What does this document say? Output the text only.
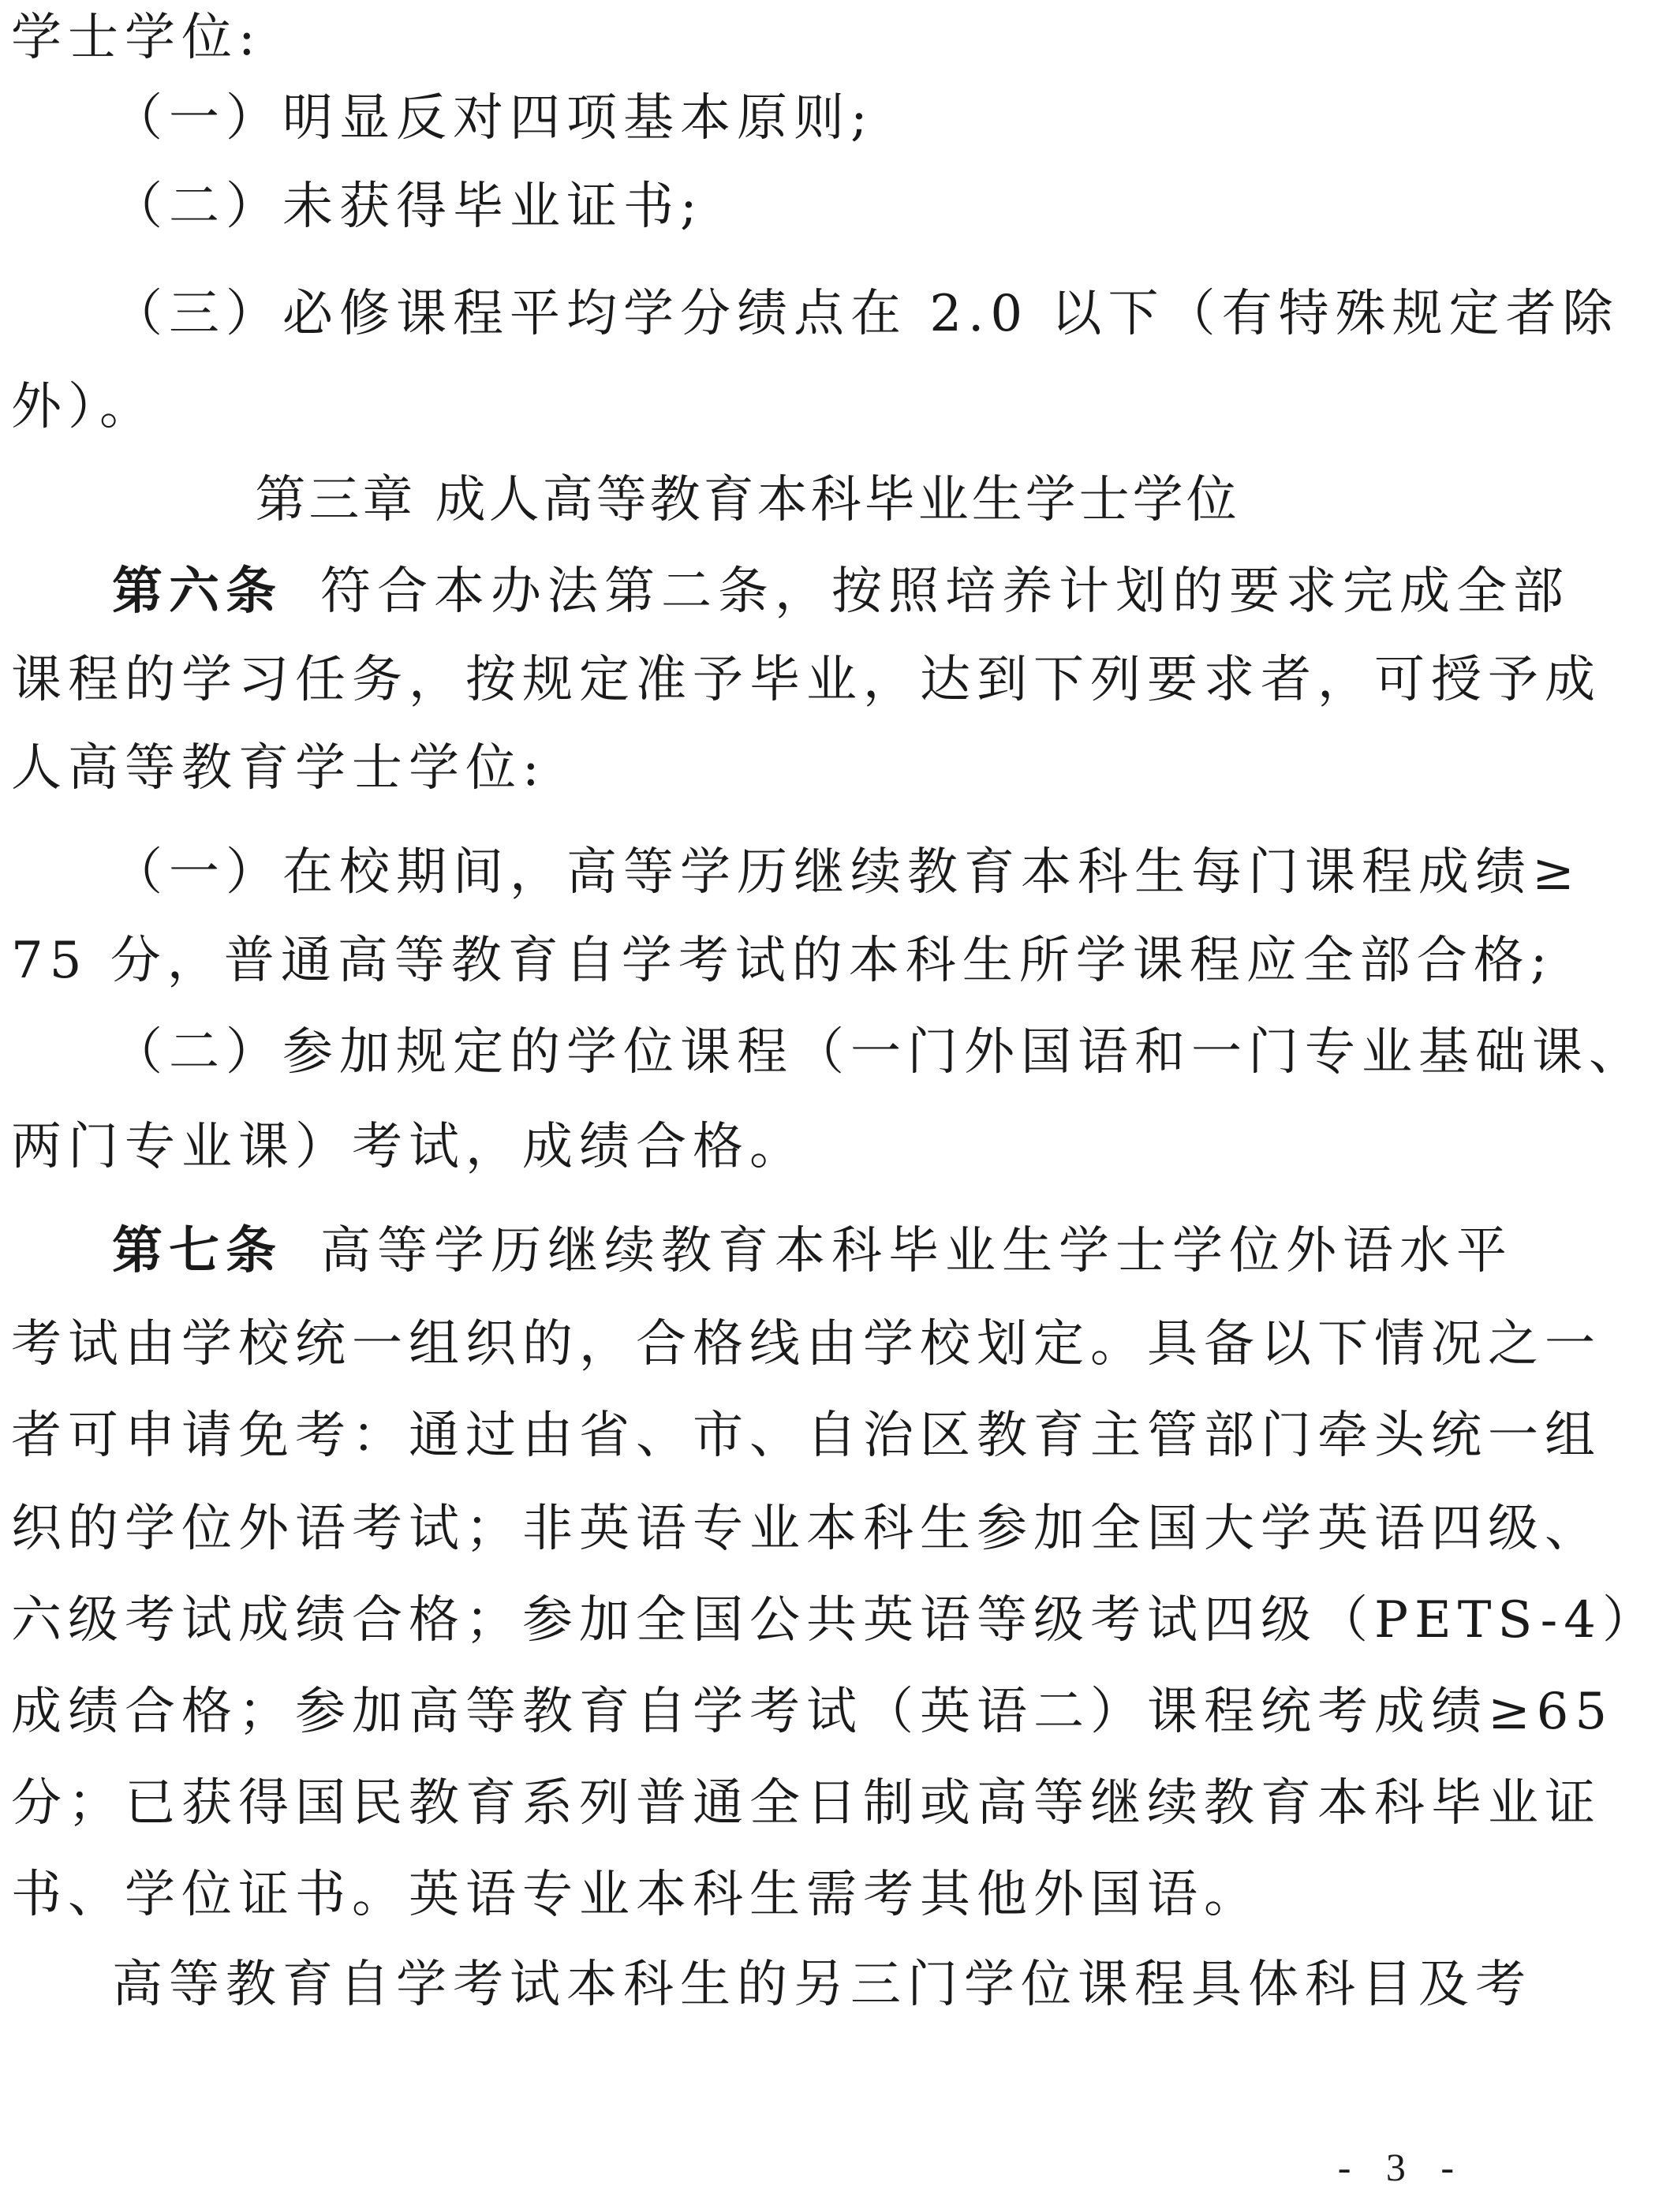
学士学位:
（一）明显反对四项基本原则;
（二）未获得毕业证书;
（三）必修课程平均学分绩点在 2.0 以下（有特殊规定者除
外）。
第三章 成人高等教育本科毕业生学士学位
第六条 符合本办法第二条，按照培养计划的要求完成全部
课程的学习任务，按规定准予毕业，达到下列要求者，可授予成
人高等教育学士学位:
（一）在校期间，高等学历继续教育本科生每门课程成绩≥
75 分，普通高等教育自学考试的本科生所学课程应全部合格;
（二）参加规定的学位课程（一门外国语和一门专业基础课、
两门专业课）考试，成绩合格。
第七条 高等学历继续教育本科毕业生学士学位外语水平
考试由学校统一组织的，合格线由学校划定。具备以下情况之一
者可申请免考：通过由省、市、自治区教育主管部门牵头统一组
织的学位外语考试；非英语专业本科生参加全国大学英语四级、
六级考试成绩合格；参加全国公共英语等级考试四级（PETS-4）
成绩合格；参加高等教育自学考试（英语二）课程统考成绩≥65
分；已获得国民教育系列普通全日制或高等继续教育本科毕业证
书、学位证书。英语专业本科生需考其他外国语。
高等教育自学考试本科生的另三门学位课程具体科目及考
- 3 -
